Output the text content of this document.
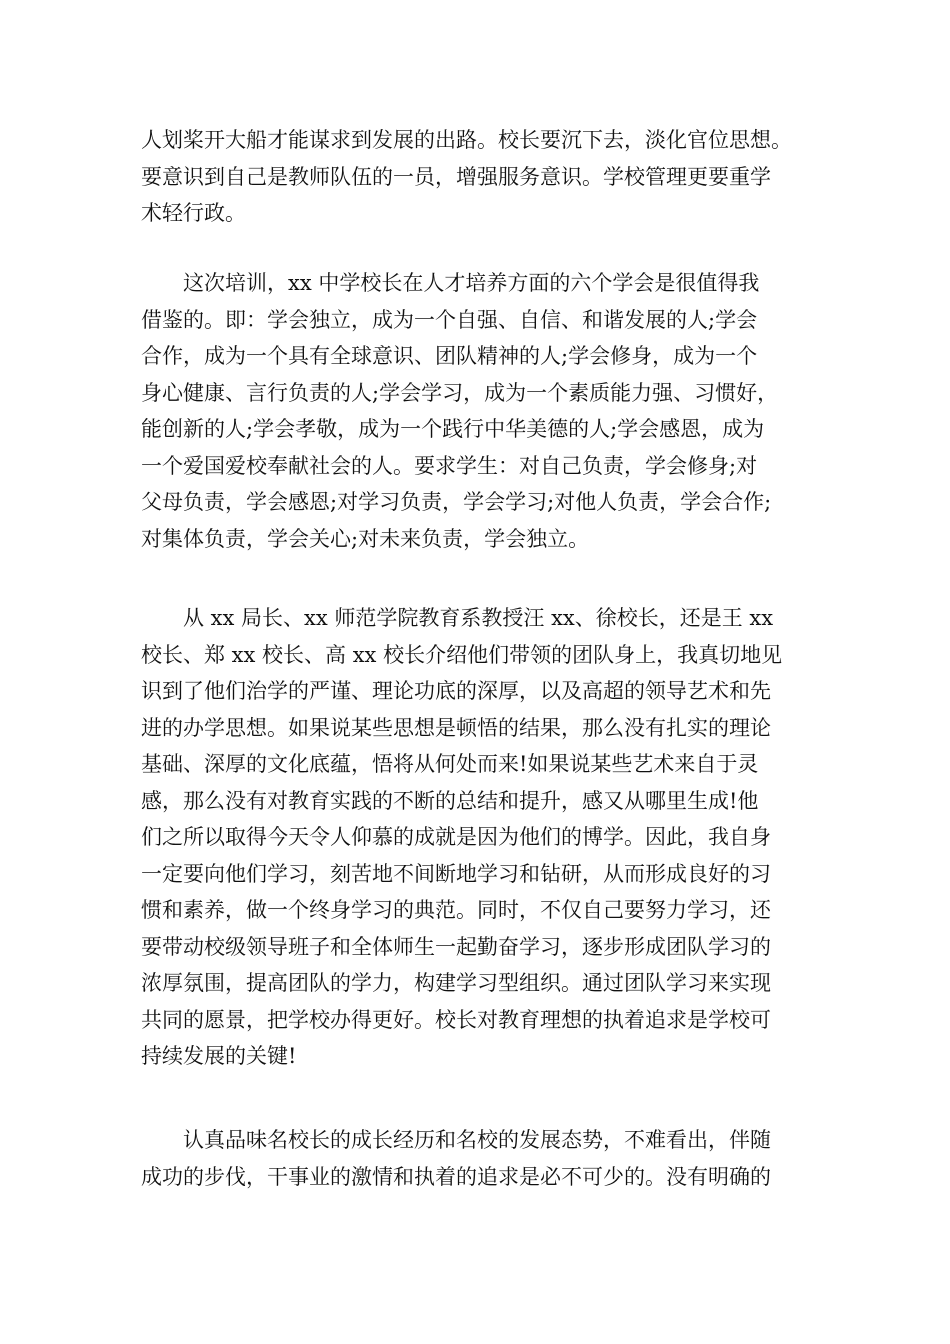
人划桨开大船才能谋求到发展的出路。校长要沉下去，淡化官位思想。
要意识到自己是教师队伍的一员，增强服务意识。学校管理更要重学
术轻行政。

　　这次培训，xx 中学校长在人才培养方面的六个学会是很值得我
借鉴的。即：学会独立，成为一个自强、自信、和谐发展的人;学会
合作，成为一个具有全球意识、团队精神的人;学会修身，成为一个
身心健康、言行负责的人;学会学习，成为一个素质能力强、习惯好，
能创新的人;学会孝敬，成为一个践行中华美德的人;学会感恩，成为
一个爱国爱校奉献社会的人。要求学生：对自己负责，学会修身;对
父母负责，学会感恩;对学习负责，学会学习;对他人负责，学会合作;
对集体负责，学会关心;对未来负责，学会独立。

　　从 xx 局长、xx 师范学院教育系教授汪 xx、徐校长，还是王 xx
校长、郑 xx 校长、高 xx 校长介绍他们带领的团队身上，我真切地见
识到了他们治学的严谨、理论功底的深厚，以及高超的领导艺术和先
进的办学思想。如果说某些思想是顿悟的结果，那么没有扎实的理论
基础、深厚的文化底蕴，悟将从何处而来!如果说某些艺术来自于灵
感，那么没有对教育实践的不断的总结和提升，感又从哪里生成!他
们之所以取得今天令人仰慕的成就是因为他们的博学。因此，我自身
一定要向他们学习，刻苦地不间断地学习和钻研，从而形成良好的习
惯和素养，做一个终身学习的典范。同时，不仅自己要努力学习，还
要带动校级领导班子和全体师生一起勤奋学习，逐步形成团队学习的
浓厚氛围，提高团队的学力，构建学习型组织。通过团队学习来实现
共同的愿景，把学校办得更好。校长对教育理想的执着追求是学校可
持续发展的关键!

　　认真品味名校长的成长经历和名校的发展态势，不难看出，伴随
成功的步伐，干事业的激情和执着的追求是必不可少的。没有明确的
